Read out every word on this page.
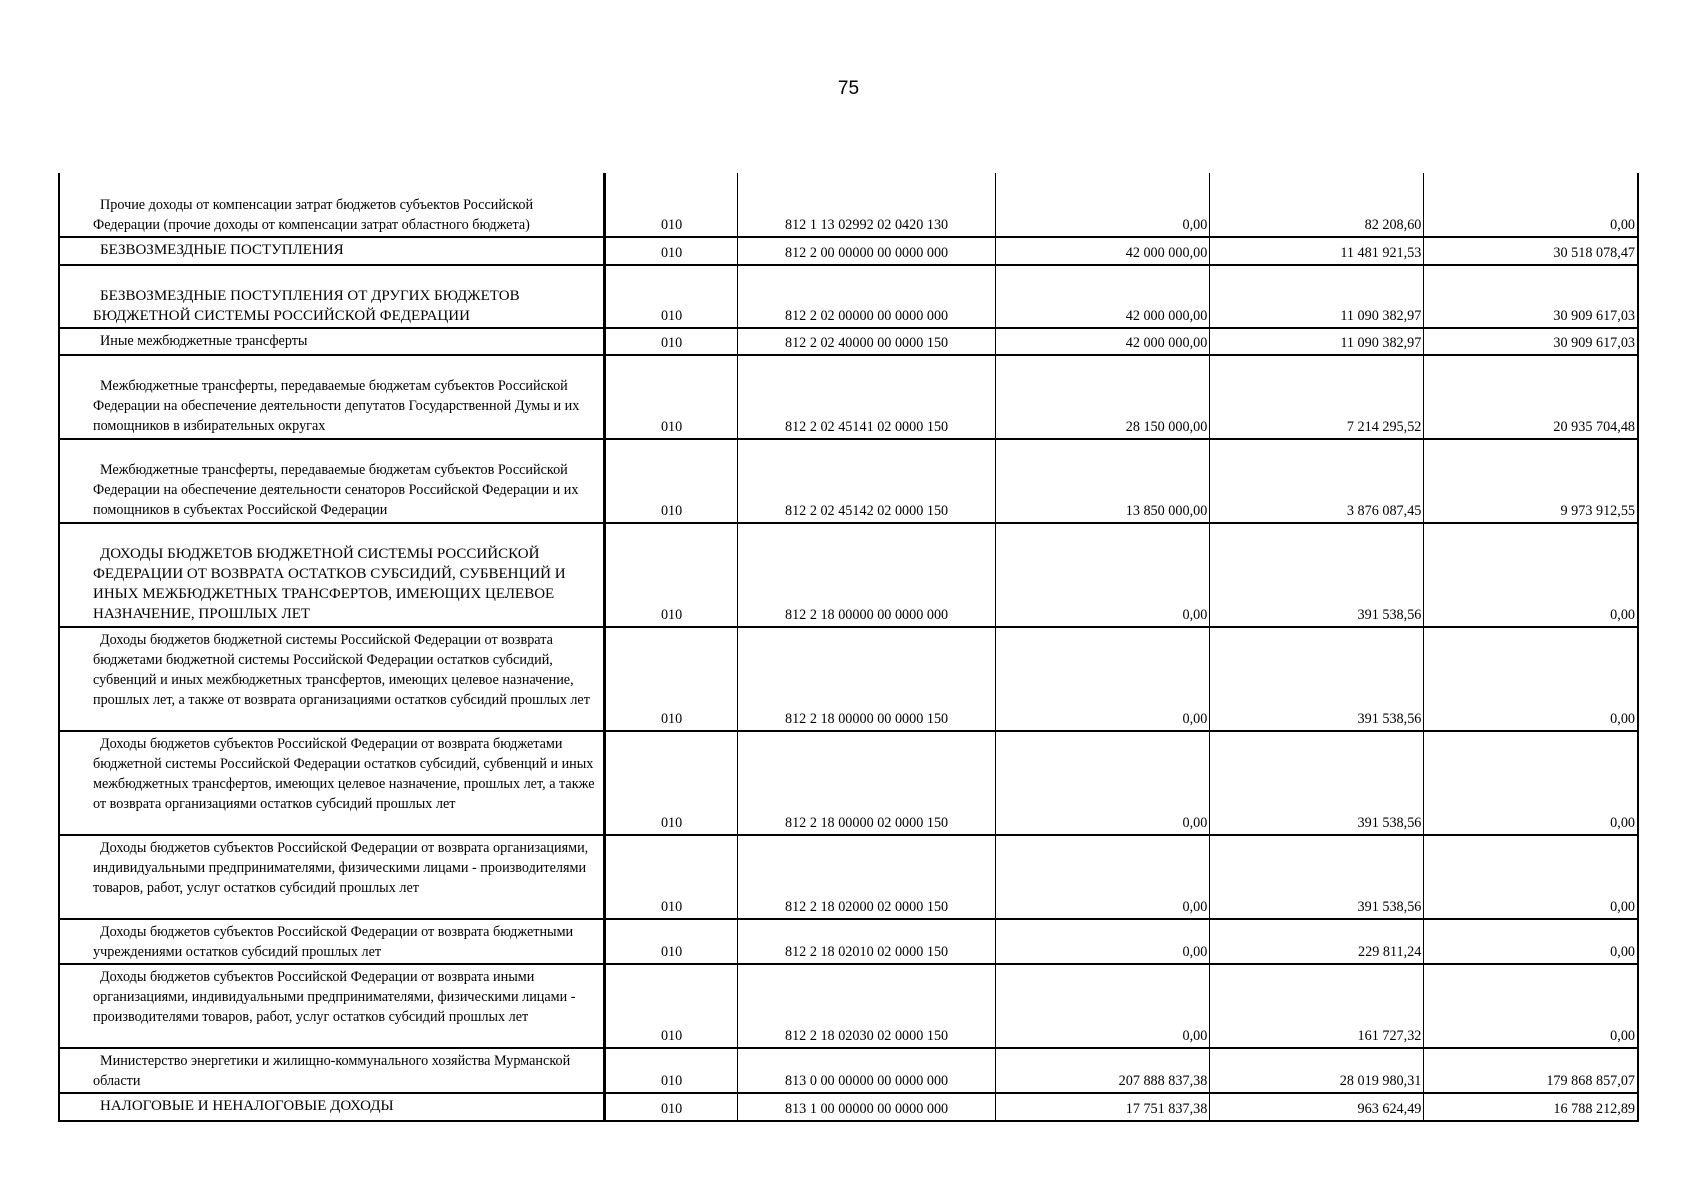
75
Прочие доходы от компенсации затрат бюджетов субъектов Российской Федерации (прочие доходы от компенсации затрат областного бюджета)	010	812 1 13 02992 02 0420 130	0,00	82 208,60	0,00

БЕЗВОЗМЕЗДНЫЕ ПОСТУПЛЕНИЯ	010	812 2 00 00000 00 0000 000	42 000 000,00	11 481 921,53	30 518 078,47

БЕЗВОЗМЕЗДНЫЕ ПОСТУПЛЕНИЯ ОТ ДРУГИХ БЮДЖЕТОВ БЮДЖЕТНОЙ СИСТЕМЫ РОССИЙСКОЙ ФЕДЕРАЦИИ	010	812 2 02 00000 00 0000 000	42 000 000,00	11 090 382,97	30 909 617,03

Иные межбюджетные трансферты	010	812 2 02 40000 00 0000 150	42 000 000,00	11 090 382,97	30 909 617,03

Межбюджетные трансферты, передаваемые бюджетам субъектов Российской Федерации на обеспечение деятельности депутатов Государственной Думы и их помощников в избирательных округах	010	812 2 02 45141 02 0000 150	28 150 000,00	7 214 295,52	20 935 704,48

Межбюджетные трансферты, передаваемые бюджетам субъектов Российской Федерации на обеспечение деятельности сенаторов Российской Федерации и их помощников в субъектах Российской Федерации	010	812 2 02 45142 02 0000 150	13 850 000,00	3 876 087,45	9 973 912,55

ДОХОДЫ БЮДЖЕТОВ БЮДЖЕТНОЙ СИСТЕМЫ РОССИЙСКОЙ ФЕДЕРАЦИИ ОТ ВОЗВРАТА ОСТАТКОВ СУБСИДИЙ, СУБВЕНЦИЙ И ИНЫХ МЕЖБЮДЖЕТНЫХ ТРАНСФЕРТОВ, ИМЕЮЩИХ ЦЕЛЕВОЕ НАЗНАЧЕНИЕ, ПРОШЛЫХ ЛЕТ	010	812 2 18 00000 00 0000 000	0,00	391 538,56	0,00

Доходы бюджетов бюджетной системы Российской Федерации от возврата бюджетами бюджетной системы Российской Федерации остатков субсидий, субвенций и иных межбюджетных трансфертов, имеющих целевое назначение, прошлых лет, а также от возврата организациями остатков субсидий прошлых лет	010	812 2 18 00000 00 0000 150	0,00	391 538,56	0,00

Доходы бюджетов субъектов Российской Федерации от возврата бюджетами бюджетной системы Российской Федерации остатков субсидий, субвенций и иных межбюджетных трансфертов, имеющих целевое назначение, прошлых лет, а также от возврата организациями остатков субсидий прошлых лет	010	812 2 18 00000 02 0000 150	0,00	391 538,56	0,00

Доходы бюджетов субъектов Российской Федерации от возврата организациями, индивидуальными предпринимателями, физическими лицами - производителями товаров, работ, услуг остатков субсидий прошлых лет	010	812 2 18 02000 02 0000 150	0,00	391 538,56	0,00

Доходы бюджетов субъектов Российской Федерации от возврата бюджетными учреждениями остатков субсидий прошлых лет	010	812 2 18 02010 02 0000 150	0,00	229 811,24	0,00

Доходы бюджетов субъектов Российской Федерации от возврата иными организациями, индивидуальными предпринимателями, физическими лицами - производителями товаров, работ, услуг остатков субсидий прошлых лет	010	812 2 18 02030 02 0000 150	0,00	161 727,32	0,00

Министерство энергетики и жилищно-коммунального хозяйства Мурманской области	010	813 0 00 00000 00 0000 000	207 888 837,38	28 019 980,31	179 868 857,07

НАЛОГОВЫЕ И НЕНАЛОГОВЫЕ ДОХОДЫ	010	813 1 00 00000 00 0000 000	17 751 837,38	963 624,49	16 788 212,89
